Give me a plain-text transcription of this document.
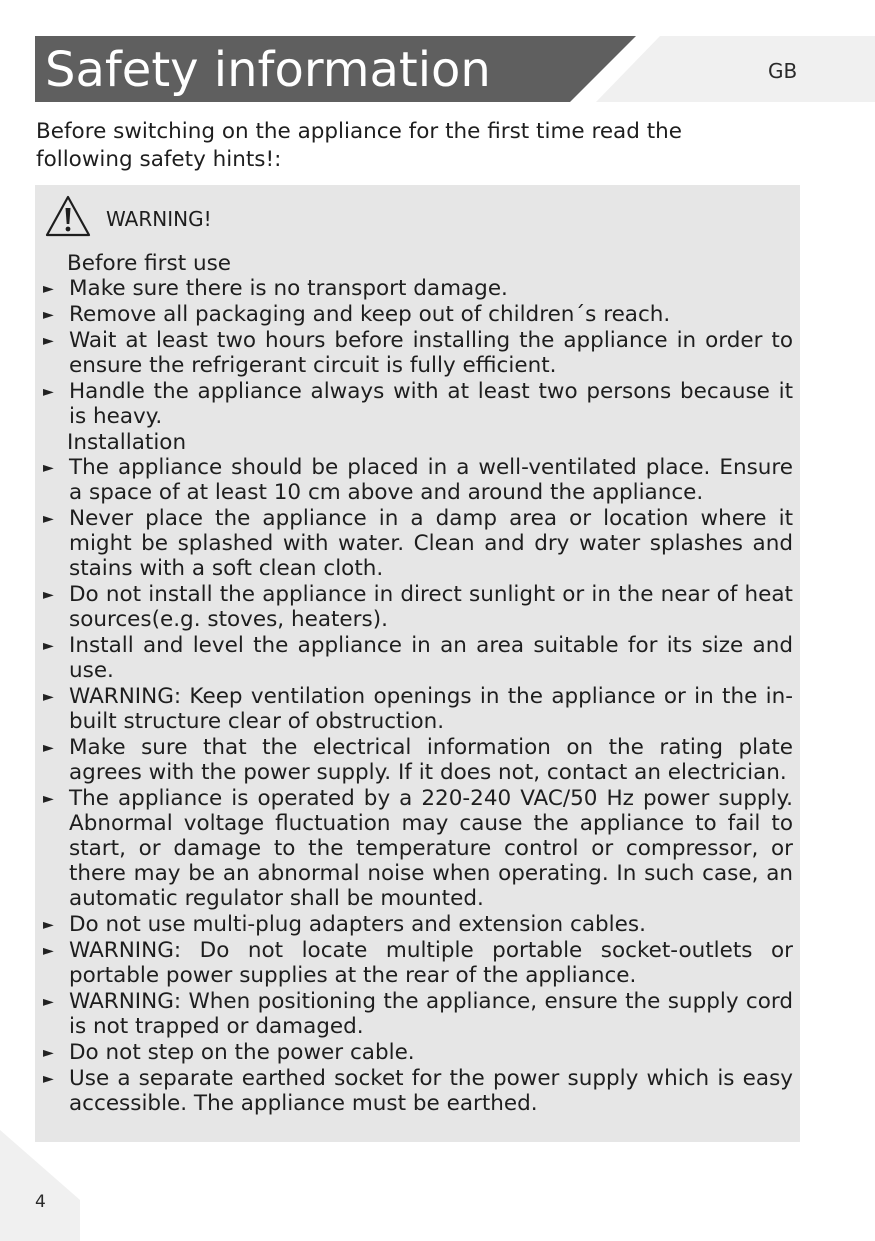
Safety information	GB

Before switching on the appliance for the first time read the following safety hints!:

WARNING!
Before first use
► Make sure there is no transport damage.
► Remove all packaging and keep out of children´s reach.
► Wait at least two hours before installing the appliance in order to ensure the refrigerant circuit is fully efficient.
► Handle the appliance always with at least two persons because it is heavy.
Installation
► The appliance should be placed in a well-ventilated place. Ensure a space of at least 10 cm above and around the appliance.
► Never place the appliance in a damp area or location where it might be splashed with water. Clean and dry water splashes and stains with a soft clean cloth.
► Do not install the appliance in direct sunlight or in the near of heat sources(e.g. stoves, heaters).
► Install and level the appliance in an area suitable for its size and use.
► WARNING: Keep ventilation openings in the appliance or in the in-built structure clear of obstruction.
► Make sure that the electrical information on the rating plate agrees with the power supply. If it does not, contact an electrician.
► The appliance is operated by a 220-240 VAC/50 Hz power supply. Abnormal voltage fluctuation may cause the appliance to fail to start, or damage to the temperature control or compressor, or there may be an abnormal noise when operating. In such case, an automatic regulator shall be mounted.
► Do not use multi-plug adapters and extension cables.
► WARNING: Do not locate multiple portable socket-outlets or portable power supplies at the rear of the appliance.
► WARNING: When positioning the appliance, ensure the supply cord is not trapped or damaged.
► Do not step on the power cable.
► Use a separate earthed socket for the power supply which is easy accessible. The appliance must be earthed.
4
